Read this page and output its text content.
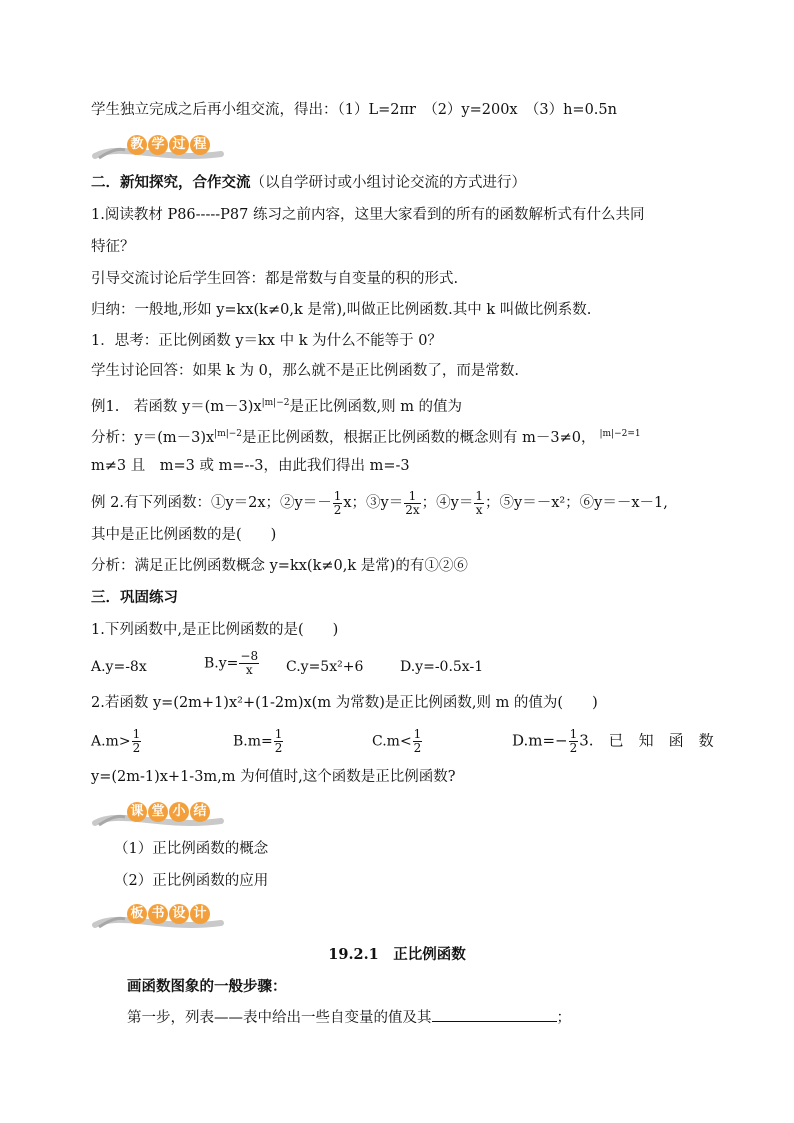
学生独立完成之后再小组交流，得出：（1）L=2πr　（2）y=200x　（3）h=0.5n
教 学 过 程
二．新知探究，合作交流（以自学研讨或小组讨论交流的方式进行）
1.阅读教材 P86-----P87 练习之前内容，这里大家看到的所有的函数解析式有什么共同
特征？
引导交流讨论后学生回答：都是常数与自变量的积的形式.
归纳：一般地,形如 y=kx(k≠0,k 是常),叫做正比例函数.其中 k 叫做比例系数.
1．思考：正比例函数 y＝kx 中 k 为什么不能等于 0？
学生讨论回答：如果 k 为 0，那么就不是正比例函数了，而是常数.
例1.　若函数 $y=(m-3)x^{|m|-2}$是正比例函数,则 m 的值为
分析：$y=(m-3)x^{|m|-2}$是正比例函数，根据正比例函数的概念则有 m－3≠0， $^{|m|-2=1}$
m≠3 且　m=3 或 m=--3，由此我们得出 m=-3
例 2.有下列函数：①y＝2x；②y＝－ $\frac{1}{2}$ x；③y＝ $\frac{1}{2x}$ ；④y＝ $\frac{1}{x}$ ；⑤y＝－x²；⑥y＝－x－1,
其中是正比例函数的是(　　)
分析：满足正比例函数概念 y=kx(k≠0,k 是常)的有①②⑥
三．巩固练习
1.下列函数中,是正比例函数的是(　　)
A.y=-8x	$B.y= \frac{-8}{x} C.y=5x^2+6$	D.y=-0.5x-1
2.若函数 y=(2m+1)x²+(1-2m)x(m 为常数)是正比例函数,则 m 的值为(　　)
$A.m> \frac{1}{2}$	$B.m= \frac{1}{2}$	$C.m< \frac{1}{2}$	$D.m=- \frac{1}{2} 3$.　已　知　函　数
y=(2m-1)x+1-3m,m 为何值时,这个函数是正比例函数?
课 堂 小 结
（1）正比例函数的概念
（2）正比例函数的应用
板 书 设 计
19.2.1　正比例函数
画函数图象的一般步骤：
第一步，列表——表中给出一些自变量的值及其	；
